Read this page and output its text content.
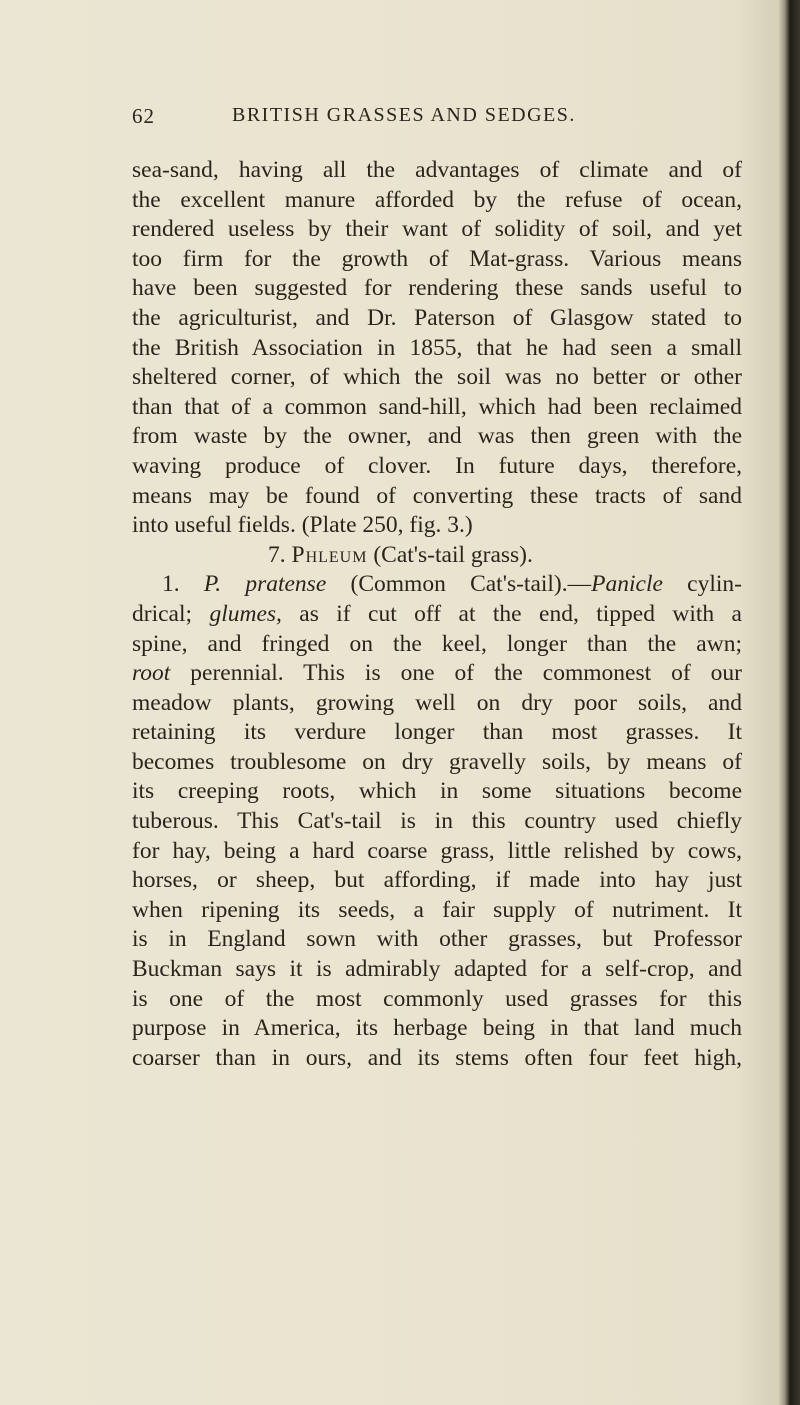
62	BRITISH GRASSES AND SEDGES.
sea-sand, having all the advantages of climate and of
the excellent manure afforded by the refuse of ocean,
rendered useless by their want of solidity of soil, and yet
too firm for the growth of Mat-grass. Various means
have been suggested for rendering these sands useful to
the agriculturist, and Dr. Paterson of Glasgow stated to
the British Association in 1855, that he had seen a small
sheltered corner, of which the soil was no better or other
than that of a common sand-hill, which had been reclaimed
from waste by the owner, and was then green with the
waving produce of clover. In future days, therefore,
means may be found of converting these tracts of sand
into useful fields. (Plate 250, fig. 3.)
7. Phleum (Cat's-tail grass).
1. P. pratense (Common Cat's-tail).—Panicle cylin-
drical; glumes, as if cut off at the end, tipped with a
spine, and fringed on the keel, longer than the awn;
root perennial. This is one of the commonest of our
meadow plants, growing well on dry poor soils, and
retaining its verdure longer than most grasses. It
becomes troublesome on dry gravelly soils, by means of
its creeping roots, which in some situations become
tuberous. This Cat's-tail is in this country used chiefly
for hay, being a hard coarse grass, little relished by cows,
horses, or sheep, but affording, if made into hay just
when ripening its seeds, a fair supply of nutriment. It
is in England sown with other grasses, but Professor
Buckman says it is admirably adapted for a self-crop, and
is one of the most commonly used grasses for this
purpose in America, its herbage being in that land much
coarser than in ours, and its stems often four feet high,
